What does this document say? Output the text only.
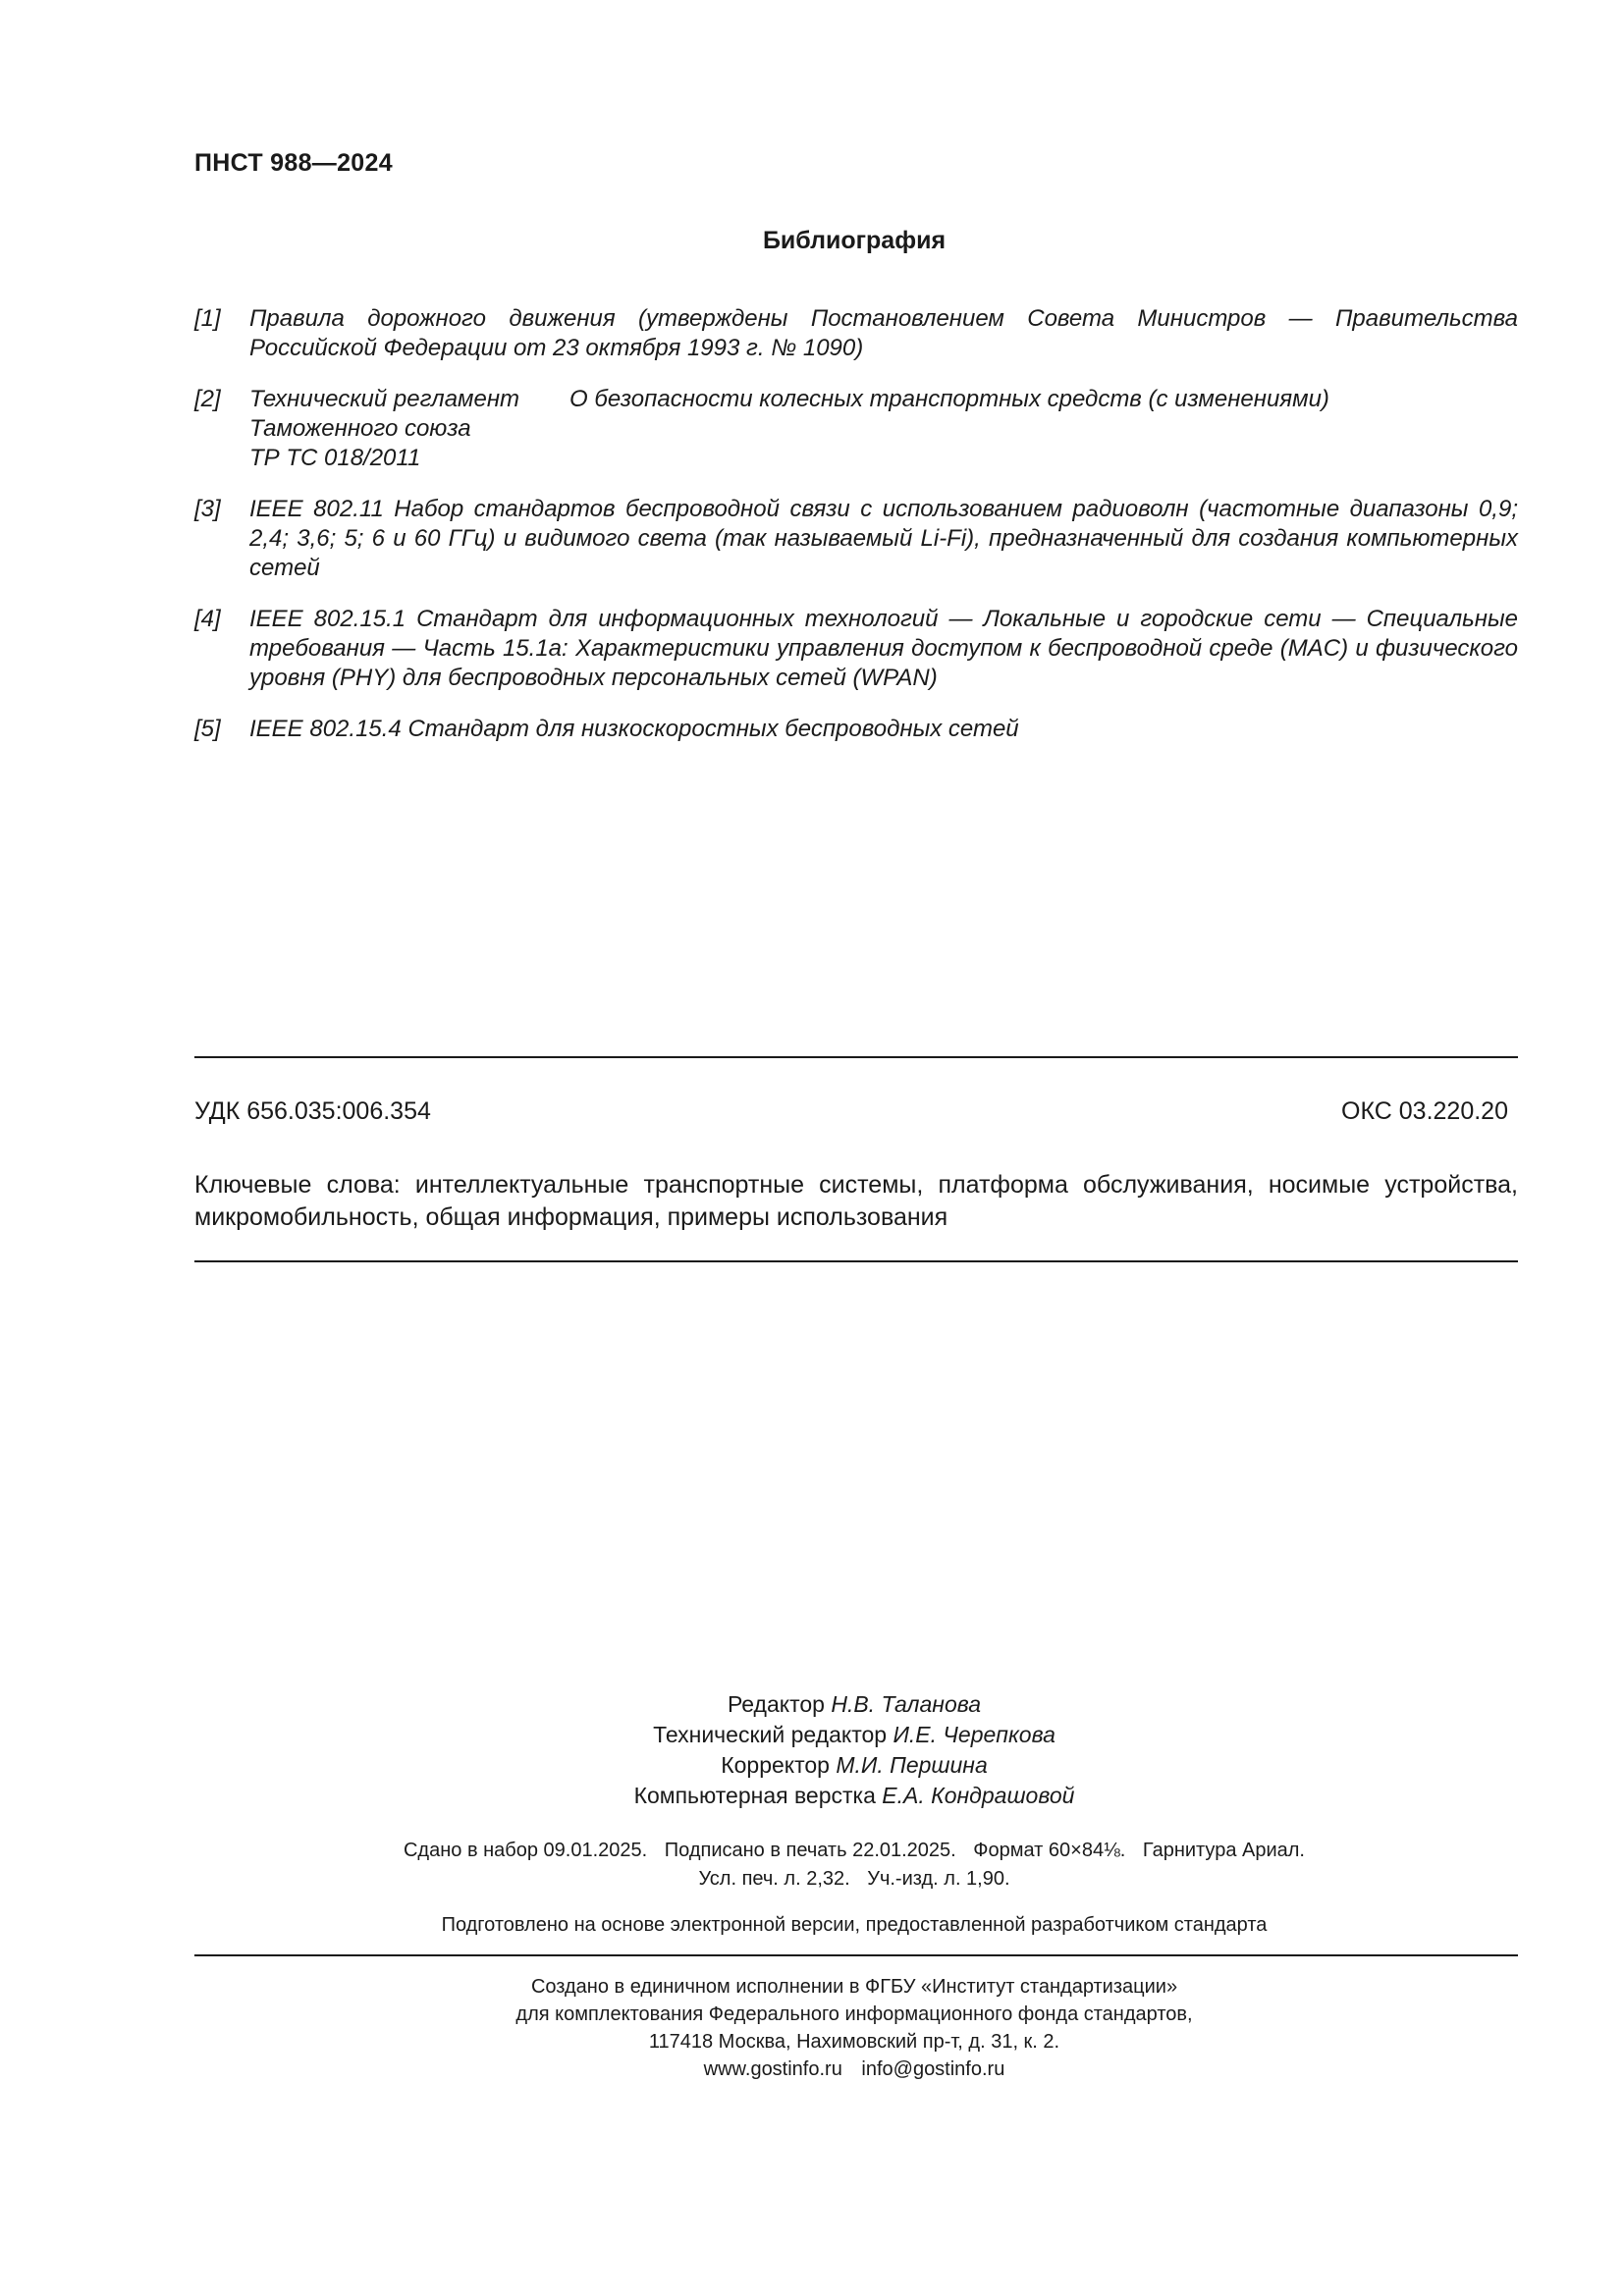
ПНСТ 988—2024
Библиография
[1]	Правила дорожного движения (утверждены Постановлением Совета Министров — Правительства Российской Федерации от 23 октября 1993 г. № 1090)
[2]	Технический регламент
Таможенного союза
ТР ТС 018/2011
О безопасности колесных транспортных средств (с изменениями)
[3]	IEEE 802.11 Набор стандартов беспроводной связи с использованием радиоволн (частотные диапазоны 0,9; 2,4; 3,6; 5; 6 и 60 ГГц) и видимого света (так называемый Li-Fi), предназначенный для создания компьютерных сетей
[4]	IEEE 802.15.1 Стандарт для информационных технологий — Локальные и городские сети — Специальные требования — Часть 15.1а: Характеристики управления доступом к беспроводной среде (MAC) и физического уровня (PHY) для беспроводных персональных сетей (WPAN)
[5]	IEEE 802.15.4 Стандарт для низкоскоростных беспроводных сетей
УДК 656.035:006.354	ОКС 03.220.20
Ключевые слова: интеллектуальные транспортные системы, платформа обслуживания, носимые устройства, микромобильность, общая информация, примеры использования
Редактор Н.В. Таланова
Технический редактор И.Е. Черепкова
Корректор М.И. Першина
Компьютерная верстка Е.А. Кондрашовой
Сдано в набор 09.01.2025. Подписано в печать 22.01.2025. Формат 60×84⅛. Гарнитура Ариал.
Усл. печ. л. 2,32. Уч.-изд. л. 1,90.
Подготовлено на основе электронной версии, предоставленной разработчиком стандарта
Создано в единичном исполнении в ФГБУ «Институт стандартизации»
для комплектования Федерального информационного фонда стандартов,
117418 Москва, Нахимовский пр-т, д. 31, к. 2.
www.gostinfo.ru info@gostinfo.ru
